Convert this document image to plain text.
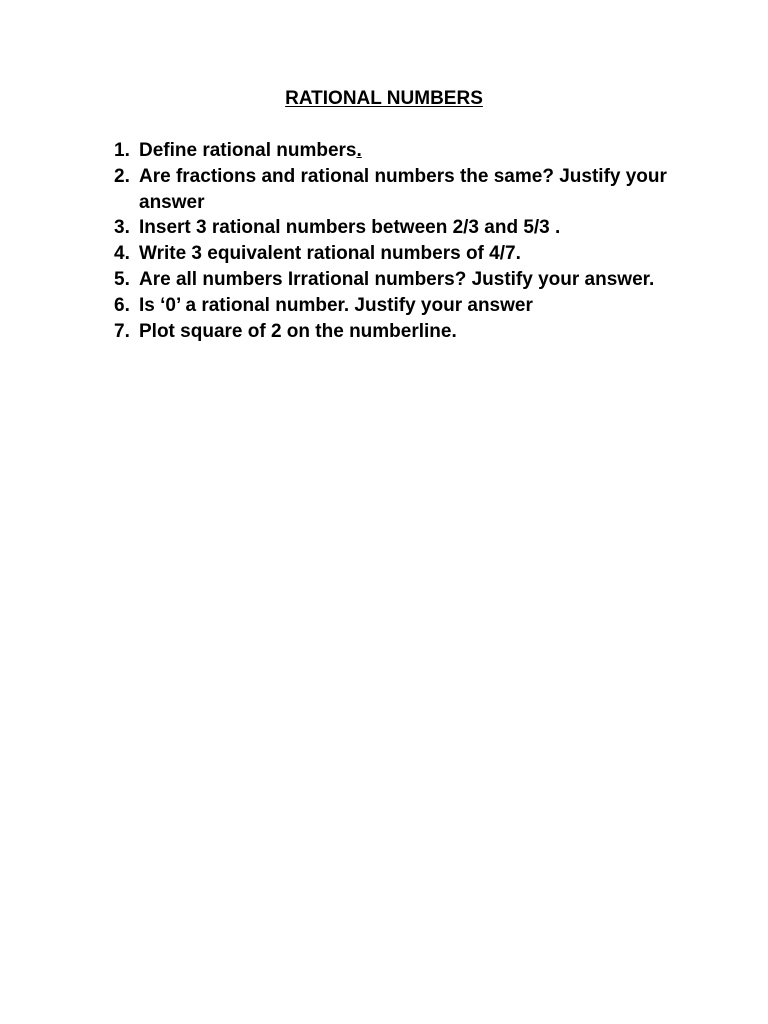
RATIONAL NUMBERS
1. Define rational numbers.
2. Are fractions and rational numbers the same? Justify your answer
3. Insert 3 rational numbers between 2/3 and 5/3 .
4. Write 3 equivalent rational numbers of 4/7.
5. Are all numbers Irrational numbers? Justify your answer.
6. Is ‘0’ a rational number. Justify your answer
7. Plot square of 2 on the numberline.
